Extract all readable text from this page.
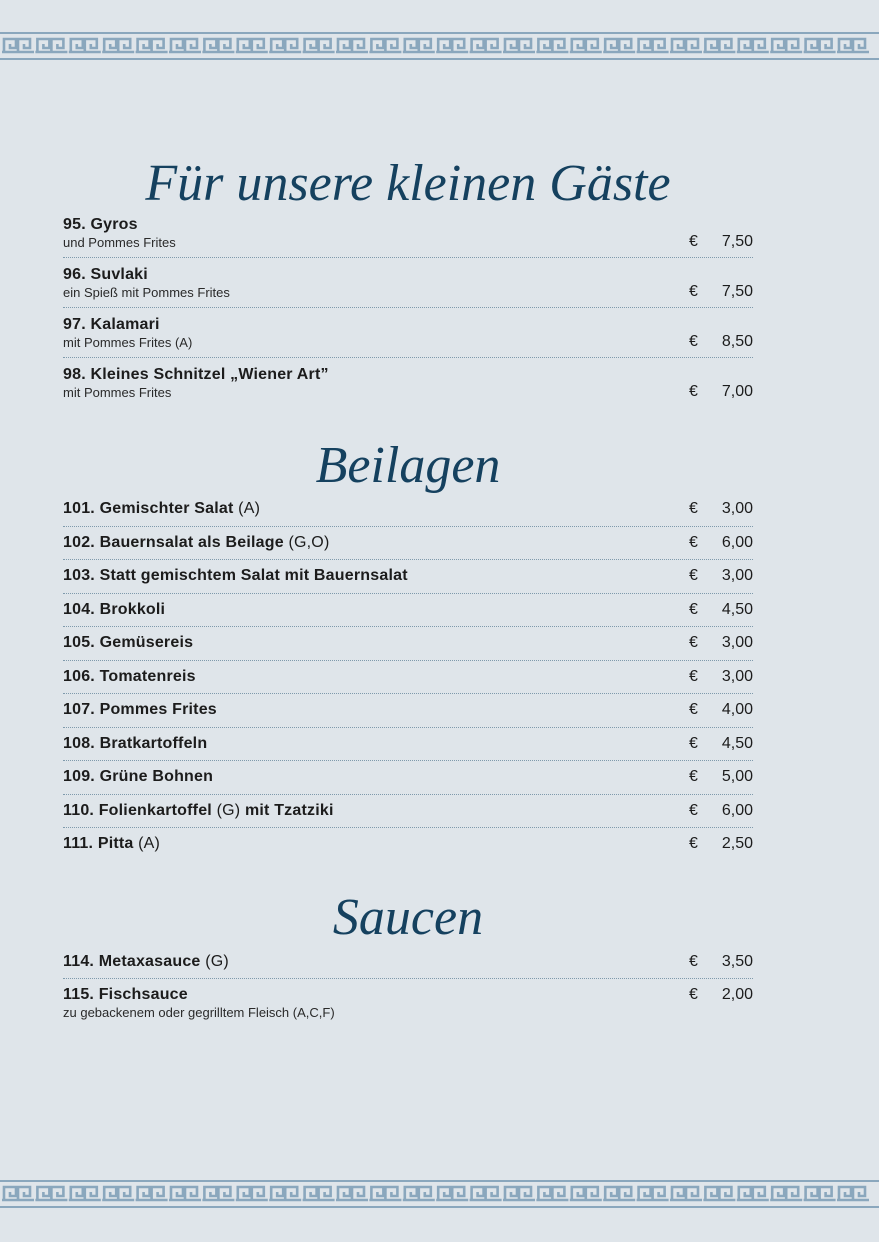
Für unsere kleinen Gäste
95. Gyros
und Pommes Frites	€ 7,50
96. Suvlaki
ein Spieß mit Pommes Frites	€ 7,50
97. Kalamari
mit Pommes Frites (A)	€ 8,50
98. Kleines Schnitzel „Wiener Art”
mit Pommes Frites	€ 7,00
Beilagen
101. Gemischter Salat (A)	€ 3,00
102. Bauernsalat als Beilage (G,O)	€ 6,00
103. Statt gemischtem Salat mit Bauernsalat	€ 3,00
104. Brokkoli	€ 4,50
105. Gemüsereis	€ 3,00
106. Tomatenreis	€ 3,00
107. Pommes Frites	€ 4,00
108. Bratkartoffeln	€ 4,50
109. Grüne Bohnen	€ 5,00
110. Folienkartoffel (G) mit Tzatziki	€ 6,00
111. Pitta (A)	€ 2,50
Saucen
114. Metaxasauce (G)	€ 3,50
115. Fischsauce
zu gebackenem oder gegrilltem Fleisch (A,C,F)
€ 2,00
